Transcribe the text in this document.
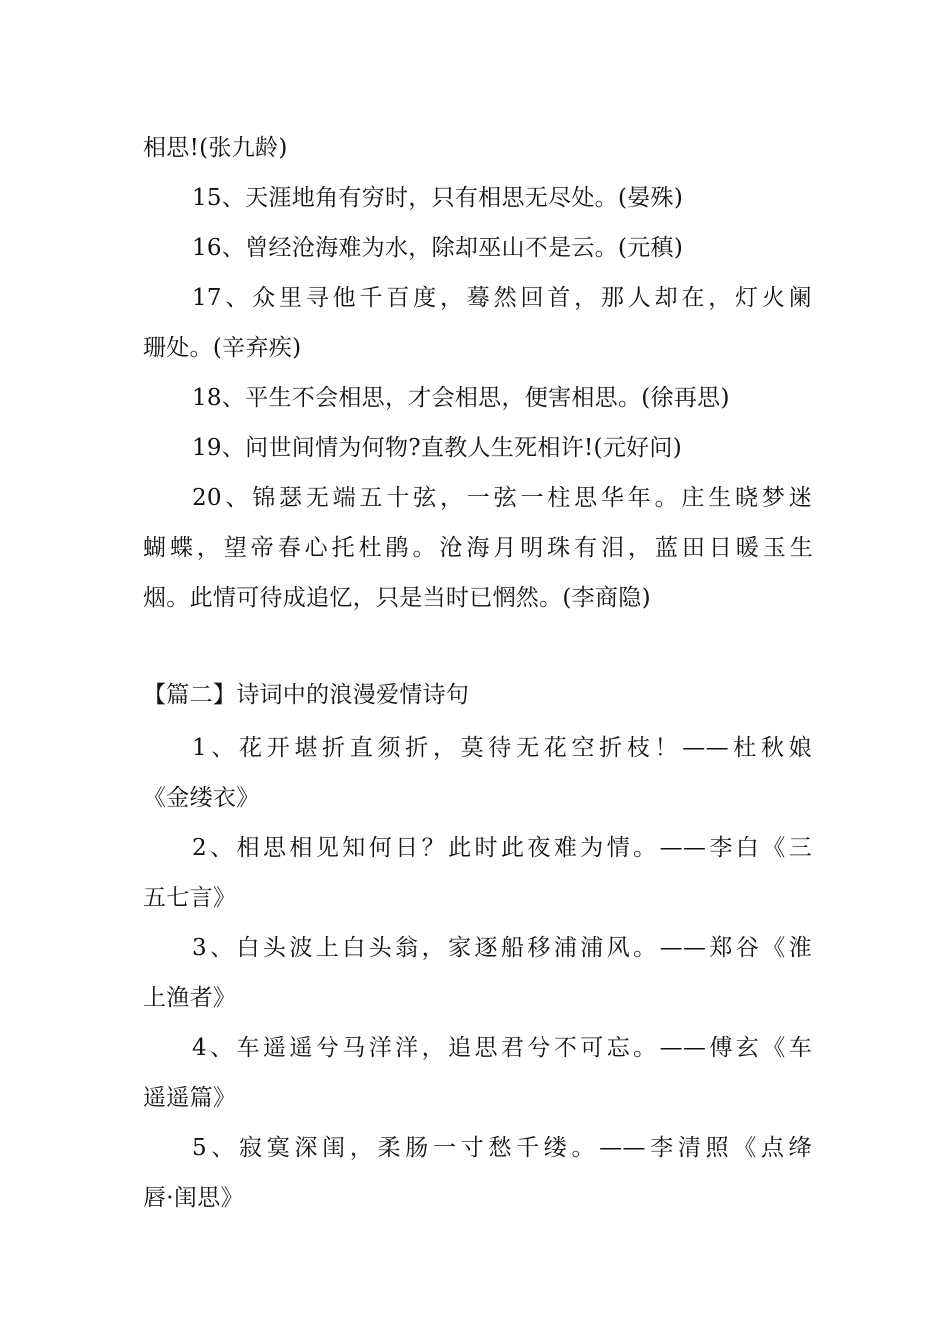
相思!(张九龄)
15、天涯地角有穷时，只有相思无尽处。(晏殊)
16、曾经沧海难为水，除却巫山不是云。(元稹)
17、众里寻他千百度，蓦然回首，那人却在，灯火阑
珊处。(辛弃疾)
18、平生不会相思，才会相思，便害相思。(徐再思)
19、问世间情为何物?直教人生死相许!(元好问)
20、锦瑟无端五十弦，一弦一柱思华年。庄生晓梦迷
蝴蝶，望帝春心托杜鹃。沧海月明珠有泪，蓝田日暖玉生
烟。此情可待成追忆，只是当时已惘然。(李商隐)
【篇二】诗词中的浪漫爱情诗句
1、花开堪折直须折，莫待无花空折枝！——杜秋娘
《金缕衣》
2、相思相见知何日？此时此夜难为情。——李白《三
五七言》
3、白头波上白头翁，家逐船移浦浦风。——郑谷《淮
上渔者》
4、车遥遥兮马洋洋，追思君兮不可忘。——傅玄《车
遥遥篇》
5、寂寞深闺，柔肠一寸愁千缕。——李清照《点绛
唇·闺思》
